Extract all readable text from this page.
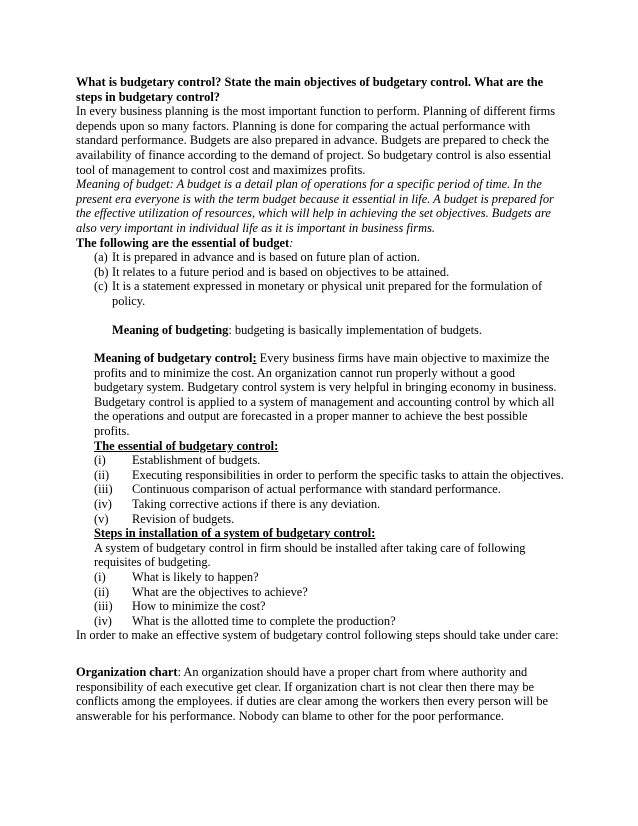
What is budgetary control? State the main objectives of budgetary control. What are the steps in budgetary control?

In every business planning is the most important function to perform. Planning of different firms depends upon so many factors. Planning is done for comparing the actual performance with standard performance. Budgets are also prepared in advance. Budgets are prepared to check the availability of finance according to the demand of project. So budgetary control is also essential tool of management to control cost and maximizes profits.

Meaning of budget: A budget is a detail plan of operations for a specific period of time. In the present era everyone is with the term budget because it essential in life. A budget is prepared for the effective utilization of resources, which will help in achieving the set objectives. Budgets are also very important in individual life as it is important in business firms.

The following are the essential of budget:

(a) It is prepared in advance and is based on future plan of action.
(b) It relates to a future period and is based on objectives to be attained.
(c) It is a statement expressed in monetary or physical unit prepared for the formulation of policy.

Meaning of budgeting: budgeting is basically implementation of budgets.

Meaning of budgetary control: Every business firms have main objective to maximize the profits and to minimize the cost. An organization cannot run properly without a good budgetary system. Budgetary control system is very helpful in bringing economy in business. Budgetary control is applied to a system of management and accounting control by which all the operations and output are forecasted in a proper manner to achieve the best possible profits.

The essential of budgetary control:

(i) Establishment of budgets.
(ii) Executing responsibilities in order to perform the specific tasks to attain the objectives.
(iii) Continuous comparison of actual performance with standard performance.
(iv) Taking corrective actions if there is any deviation.
(v) Revision of budgets.

Steps in installation of a system of budgetary control:

A system of budgetary control in firm should be installed after taking care of following requisites of budgeting.

(i) What is likely to happen?
(ii) What are the objectives to achieve?
(iii) How to minimize the cost?
(iv) What is the allotted time to complete the production?

In order to make an effective system of budgetary control following steps should take under care:

Organization chart: An organization should have a proper chart from where authority and responsibility of each executive get clear. If organization chart is not clear then there may be conflicts among the employees. if duties are clear among the workers then every person will be answerable for his performance. Nobody can blame to other for the poor performance.
